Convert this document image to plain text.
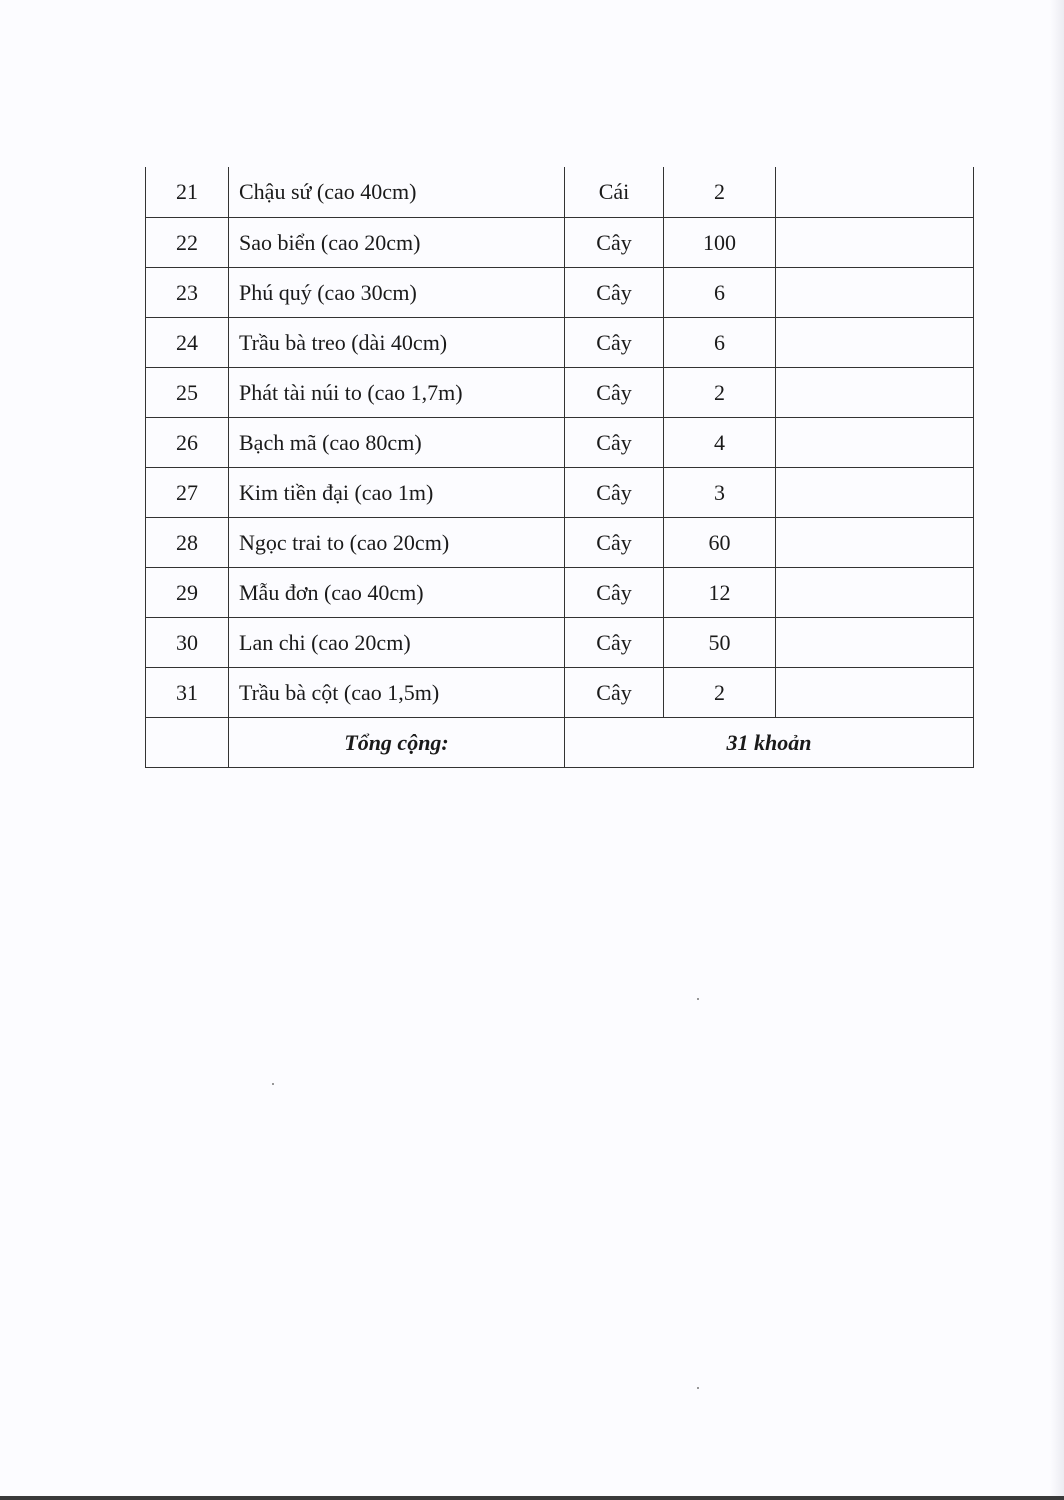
21	Chậu sứ (cao 40cm)	Cái	2
22	Sao biển (cao 20cm)	Cây	100
23	Phú quý (cao 30cm)	Cây	6
24	Trầu bà treo (dài 40cm)	Cây	6
25	Phát tài núi to (cao 1,7m)	Cây	2
26	Bạch mã (cao 80cm)	Cây	4
27	Kim tiền đại (cao 1m)	Cây	3
28	Ngọc trai to (cao 20cm)	Cây	60
29	Mẫu đơn (cao 40cm)	Cây	12
30	Lan chi (cao 20cm)	Cây	50
31	Trầu bà cột (cao 1,5m)	Cây	2
Tổng cộng:	31 khoản
